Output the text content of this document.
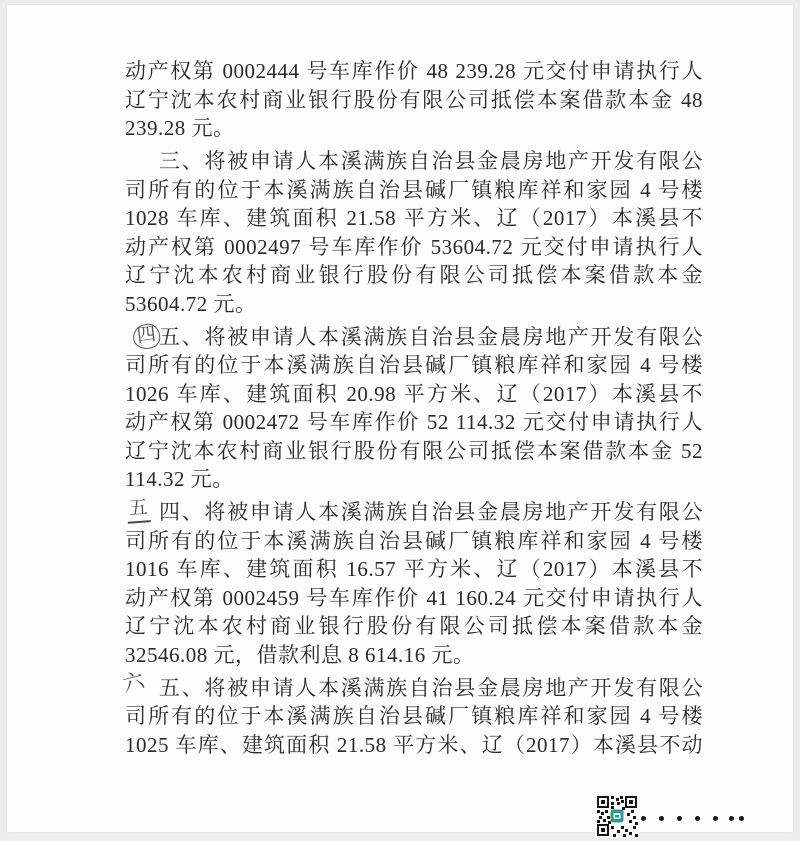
动产权第 0002444 号车库作价 48 239.28 元交付申请执行人
辽宁沈本农村商业银行股份有限公司抵偿本案借款本金 48
239.28 元。
三、将被申请人本溪满族自治县金晨房地产开发有限公
司所有的位于本溪满族自治县碱厂镇粮库祥和家园 4 号楼
1028 车库、建筑面积 21.58 平方米、辽（2017）本溪县不
动产权第 0002497 号车库作价 53604.72 元交付申请执行人
辽宁沈本农村商业银行股份有限公司抵偿本案借款本金
53604.72 元。
四 五、将被申请人本溪满族自治县金晨房地产开发有限公
司所有的位于本溪满族自治县碱厂镇粮库祥和家园 4 号楼
1026 车库、建筑面积 20.98 平方米、辽（2017）本溪县不
动产权第 0002472 号车库作价 52 114.32 元交付申请执行人
辽宁沈本农村商业银行股份有限公司抵偿本案借款本金 52
114.32 元。
五 四、将被申请人本溪满族自治县金晨房地产开发有限公
司所有的位于本溪满族自治县碱厂镇粮库祥和家园 4 号楼
1016 车库、建筑面积 16.57 平方米、辽（2017）本溪县不
动产权第 0002459 号车库作价 41 160.24 元交付申请执行人
辽宁沈本农村商业银行股份有限公司抵偿本案借款本金
32546.08 元，借款利息 8 614.16 元。
六 五、将被申请人本溪满族自治县金晨房地产开发有限公
司所有的位于本溪满族自治县碱厂镇粮库祥和家园 4 号楼
1025 车库、建筑面积 21.58 平方米、辽（2017）本溪县不动
